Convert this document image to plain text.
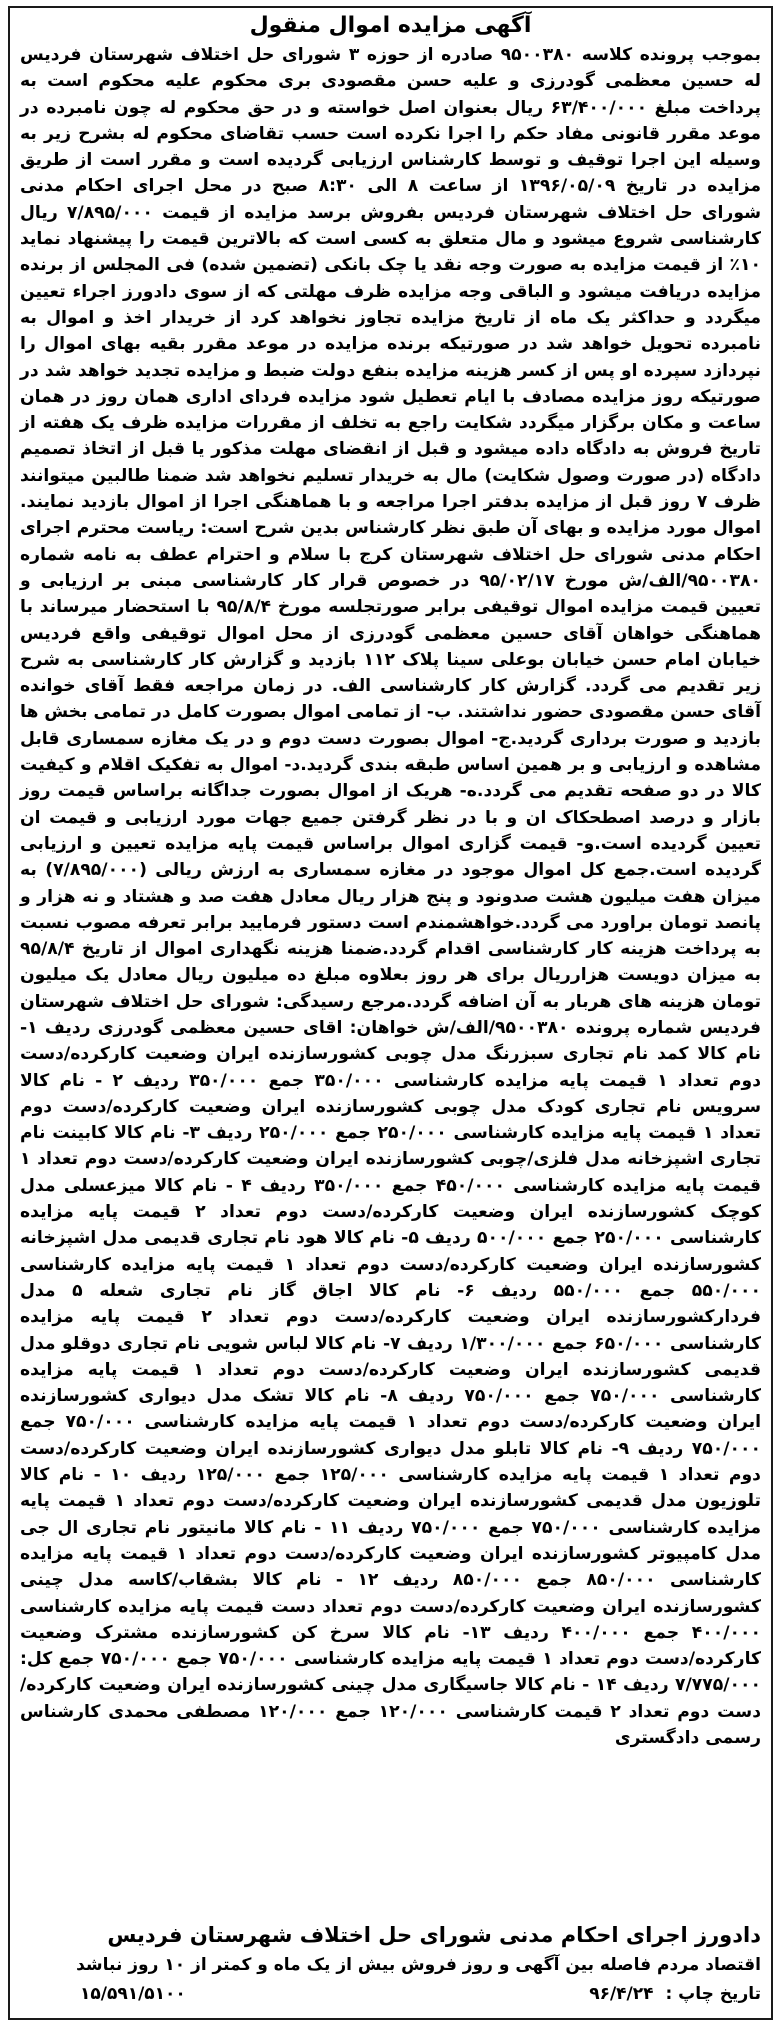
آگهی مزایده اموال منقول
بموجب پرونده کلاسه ۹۵۰۰۳۸۰ صادره از حوزه ۳ شورای حل اختلاف شهرستان فردیس له حسین معظمی گودرزی و علیه حسن مقصودی بری محکوم علیه محکوم است به پرداخت مبلغ ۶۳/۴۰۰/۰۰۰ ریال بعنوان اصل خواسته و در حق محکوم له چون نامبرده در موعد مقرر قانونی مفاد حکم را اجرا نکرده است حسب تقاضای محکوم له بشرح زیر به وسیله این اجرا توقیف و توسط کارشناس ارزیابی گردیده است و مقرر است از طریق مزایده در تاریخ ۱۳۹۶/۰۵/۰۹ از ساعت ۸ الی ۸:۳۰ صبح در محل اجرای احکام مدنی شورای حل اختلاف شهرستان فردیس بفروش برسد مزایده از قیمت ۷/۸۹۵/۰۰۰ ریال کارشناسی شروع میشود و مال متعلق به کسی است که بالاترین قیمت را پیشنهاد نماید ۱۰٪ از قیمت مزایده به صورت وجه نقد یا چک بانکی (تضمین شده) فی المجلس از برنده مزایده دریافت میشود و الباقی وجه مزایده ظرف مهلتی که از سوی دادورز اجراء تعیین میگردد و حداکثر یک ماه از تاریخ مزایده تجاوز نخواهد کرد از خریدار اخذ و اموال به نامبرده تحویل خواهد شد در صورتیکه برنده مزایده در موعد مقرر بقیه بهای اموال را نپردازد سپرده او پس از کسر هزینه مزایده بنفع دولت ضبط و مزایده تجدید خواهد شد در صورتیکه روز مزایده مصادف با ایام تعطیل شود مزایده فردای اداری همان روز در همان ساعت و مکان برگزار میگردد شکایت راجع به تخلف از مقررات مزایده ظرف یک هفته از تاریخ فروش به دادگاه داده میشود و قبل از انقضای مهلت مذکور یا قبل از اتخاذ تصمیم دادگاه (در صورت وصول شکایت) مال به خریدار تسلیم نخواهد شد ضمنا طالبین میتوانند ظرف ۷ روز قبل از مزایده بدفتر اجرا مراجعه و با هماهنگی اجرا از اموال بازدید نمایند. اموال مورد مزایده و بهای آن طبق نظر کارشناس بدین شرح است: ریاست محترم اجرای احکام مدنی شورای حل اختلاف شهرستان کرج با سلام و احترام عطف به نامه شماره ۹۵۰۰۳۸۰/الف/ش مورخ ۹۵/۰۲/۱۷ در خصوص قرار کار کارشناسی مبنی بر ارزیابی و تعیین قیمت مزایده اموال توقیفی برابر صورتجلسه مورخ ۹۵/۸/۴ با استحضار میرساند با هماهنگی خواهان آقای حسین معظمی گودرزی از محل اموال توقیفی واقع فردیس خیابان امام حسن خیابان بوعلی سینا پلاک ۱۱۲ بازدید و گزارش کار کارشناسی به شرح زیر تقدیم می گردد. گزارش کار کارشناسی الف. در زمان مراجعه فقط آقای خوانده آقای حسن مقصودی حضور نداشتند. ب- از تمامی اموال بصورت کامل در تمامی بخش ها بازدید و صورت برداری گردید.ج- اموال بصورت دست دوم و در یک مغازه سمساری قابل مشاهده و ارزیابی و بر همین اساس طبقه بندی گردید.د- اموال به تفکیک اقلام و کیفیت کالا در دو صفحه تقدیم می گردد.ه- هریک از اموال بصورت جداگانه براساس قیمت روز بازار و درصد اصطحکاک ان و با در نظر گرفتن جمیع جهات مورد ارزیابی و قیمت ان تعیین گردیده است.و- قیمت گزاری اموال براساس قیمت پایه مزایده تعیین و ارزیابی گردیده است.جمع کل اموال موجود در مغازه سمساری به ارزش ریالی (۷/۸۹۵/۰۰۰) به میزان هفت میلیون هشت صدونود و پنج هزار ریال معادل هفت صد و هشتاد و نه هزار و پانصد تومان براورد می گردد.خواهشمندم است دستور فرمایید برابر تعرفه مصوب نسبت به پرداخت هزینه کار کارشناسی اقدام گردد.ضمنا هزینه نگهداری اموال از تاریخ ۹۵/۸/۴ به میزان دویست هزارریال برای هر روز بعلاوه مبلغ ده میلیون ریال معادل یک میلیون تومان هزینه های هربار به آن اضافه گردد.مرجع رسیدگی: شورای حل اختلاف شهرستان فردیس شماره پرونده ۹۵۰۰۳۸۰/الف/ش خواهان: اقای حسین معظمی گودرزی ردیف ۱- نام کالا کمد نام تجاری سبزرنگ مدل چوبی کشورسازنده ایران وضعیت کارکرده/دست دوم تعداد ۱ قیمت پایه مزایده کارشناسی ۳۵۰/۰۰۰ جمع ۳۵۰/۰۰۰ ردیف ۲ - نام کالا سرویس نام تجاری کودک مدل چوبی کشورسازنده ایران وضعیت کارکرده/دست دوم تعداد ۱ قیمت پایه مزایده کارشناسی ۲۵۰/۰۰۰ جمع ۲۵۰/۰۰۰ ردیف ۳- نام کالا کابینت نام تجاری اشپزخانه مدل فلزی/چوبی کشورسازنده ایران وضعیت کارکرده/دست دوم تعداد ۱ قیمت پایه مزایده کارشناسی ۴۵۰/۰۰۰ جمع ۳۵۰/۰۰۰ ردیف ۴ - نام کالا میزعسلی مدل کوچک کشورسازنده ایران وضعیت کارکرده/دست دوم تعداد ۲ قیمت پایه مزایده کارشناسی ۲۵۰/۰۰۰ جمع ۵۰۰/۰۰۰ ردیف ۵- نام کالا هود نام تجاری قدیمی مدل اشپزخانه کشورسازنده ایران وضعیت کارکرده/دست دوم تعداد ۱ قیمت پایه مزایده کارشناسی ۵۵۰/۰۰۰ جمع ۵۵۰/۰۰۰ ردیف ۶- نام کالا اجاق گاز نام تجاری شعله ۵ مدل فردارکشورسازنده ایران وضعیت کارکرده/دست دوم تعداد ۲ قیمت پایه مزایده کارشناسی ۶۵۰/۰۰۰ جمع ۱/۳۰۰/۰۰۰ ردیف ۷- نام کالا لباس شویی نام تجاری دوقلو مدل قدیمی کشورسازنده ایران وضعیت کارکرده/دست دوم تعداد ۱ قیمت پایه مزایده کارشناسی ۷۵۰/۰۰۰ جمع ۷۵۰/۰۰۰ ردیف ۸- نام کالا تشک مدل دیواری کشورسازنده ایران وضعیت کارکرده/دست دوم تعداد ۱ قیمت پایه مزایده کارشناسی ۷۵۰/۰۰۰ جمع ۷۵۰/۰۰۰ ردیف ۹- نام کالا تابلو مدل دیواری کشورسازنده ایران وضعیت کارکرده/دست دوم تعداد ۱ قیمت پایه مزایده کارشناسی ۱۲۵/۰۰۰ جمع ۱۲۵/۰۰۰ ردیف ۱۰ - نام کالا تلوزیون مدل قدیمی کشورسازنده ایران وضعیت کارکرده/دست دوم تعداد ۱ قیمت پایه مزایده کارشناسی ۷۵۰/۰۰۰ جمع ۷۵۰/۰۰۰ ردیف ۱۱ - نام کالا مانیتور نام تجاری ال جی مدل کامپیوتر کشورسازنده ایران وضعیت کارکرده/دست دوم تعداد ۱ قیمت پایه مزایده کارشناسی ۸۵۰/۰۰۰ جمع ۸۵۰/۰۰۰ ردیف ۱۲ - نام کالا بشقاب/کاسه مدل چینی کشورسازنده ایران وضعیت کارکرده/دست دوم تعداد دست قیمت پایه مزایده کارشناسی ۴۰۰/۰۰۰ جمع ۴۰۰/۰۰۰ ردیف ۱۳- نام کالا سرخ کن کشورسازنده مشترک وضعیت کارکرده/دست دوم تعداد ۱ قیمت پایه مزایده کارشناسی ۷۵۰/۰۰۰ جمع ۷۵۰/۰۰۰ جمع کل: ۷/۷۷۵/۰۰۰ ردیف ۱۴ - نام کالا جاسیگاری مدل چینی کشورسازنده ایران وضعیت کارکرده/دست دوم تعداد ۲ قیمت کارشناسی ۱۲۰/۰۰۰ جمع ۱۲۰/۰۰۰ مصطفی محمدی کارشناس رسمی دادگستری
دادورز اجرای احکام مدنی شورای حل اختلاف شهرستان فردیس
اقتصاد مردم فاصله بین آگهی و روز فروش بیش از یک ماه و کمتر از ۱۰ روز نباشد
تاریخ چاپ : ۹۶/۴/۲۴
۱۵/۵۹۱/۵۱۰۰
